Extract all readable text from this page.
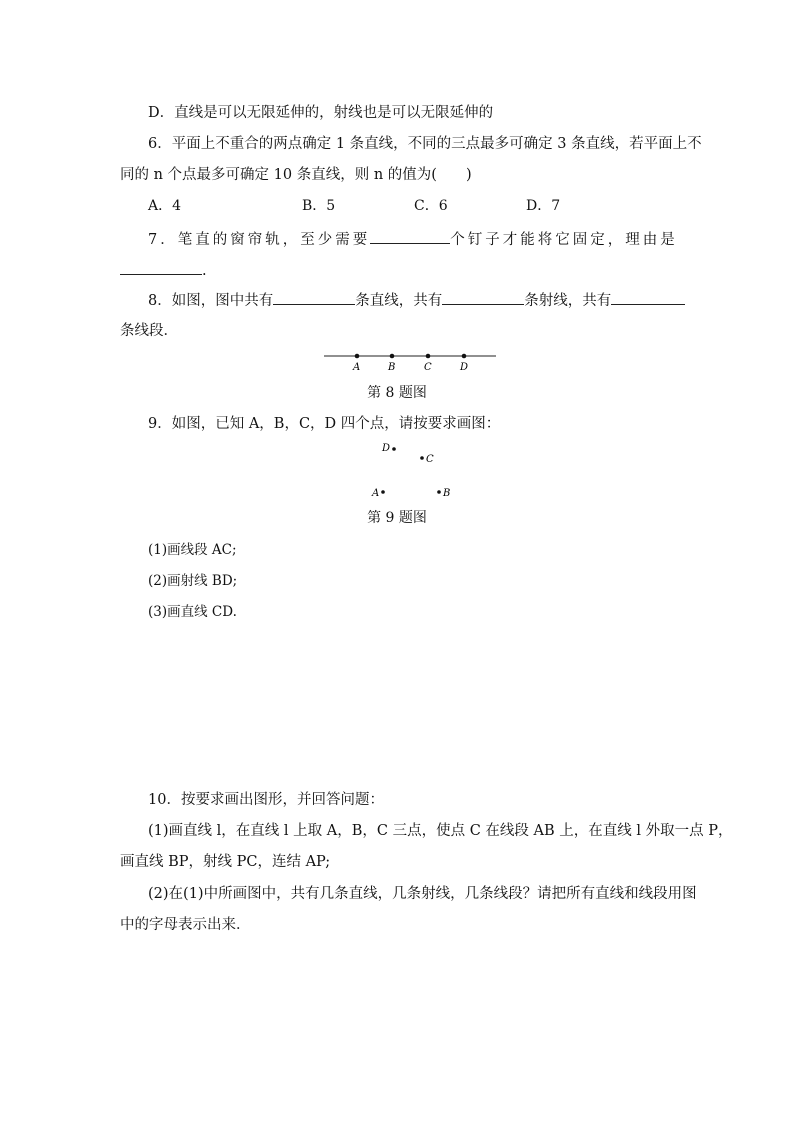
D．直线是可以无限延伸的，射线也是可以无限延伸的
6．平面上不重合的两点确定 1 条直线，不同的三点最多可确定 3 条直线，若平面上不
同的 n 个点最多可确定 10 条直线，则 n 的值为(　　)
A．4	B．5	C．6	D．7
7．笔直的窗帘轨，至少需要	个钉子才能将它固定，理由是
.
8．如图，图中共有	条直线，共有	条射线，共有
条线段．
A	B	C	D
第 8 题图
9．如图，已知 A，B，C，D 四个点，请按要求画图：
D
C
A	B
第 9 题图
(1)画线段 AC;
(2)画射线 BD;
(3)画直线 CD.
10．按要求画出图形，并回答问题：
(1)画直线 l，在直线 l 上取 A，B，C 三点，使点 C 在线段 AB 上，在直线 l 外取一点 P，
画直线 BP，射线 PC，连结 AP;
(2)在(1)中所画图中，共有几条直线，几条射线，几条线段？请把所有直线和线段用图
中的字母表示出来．
